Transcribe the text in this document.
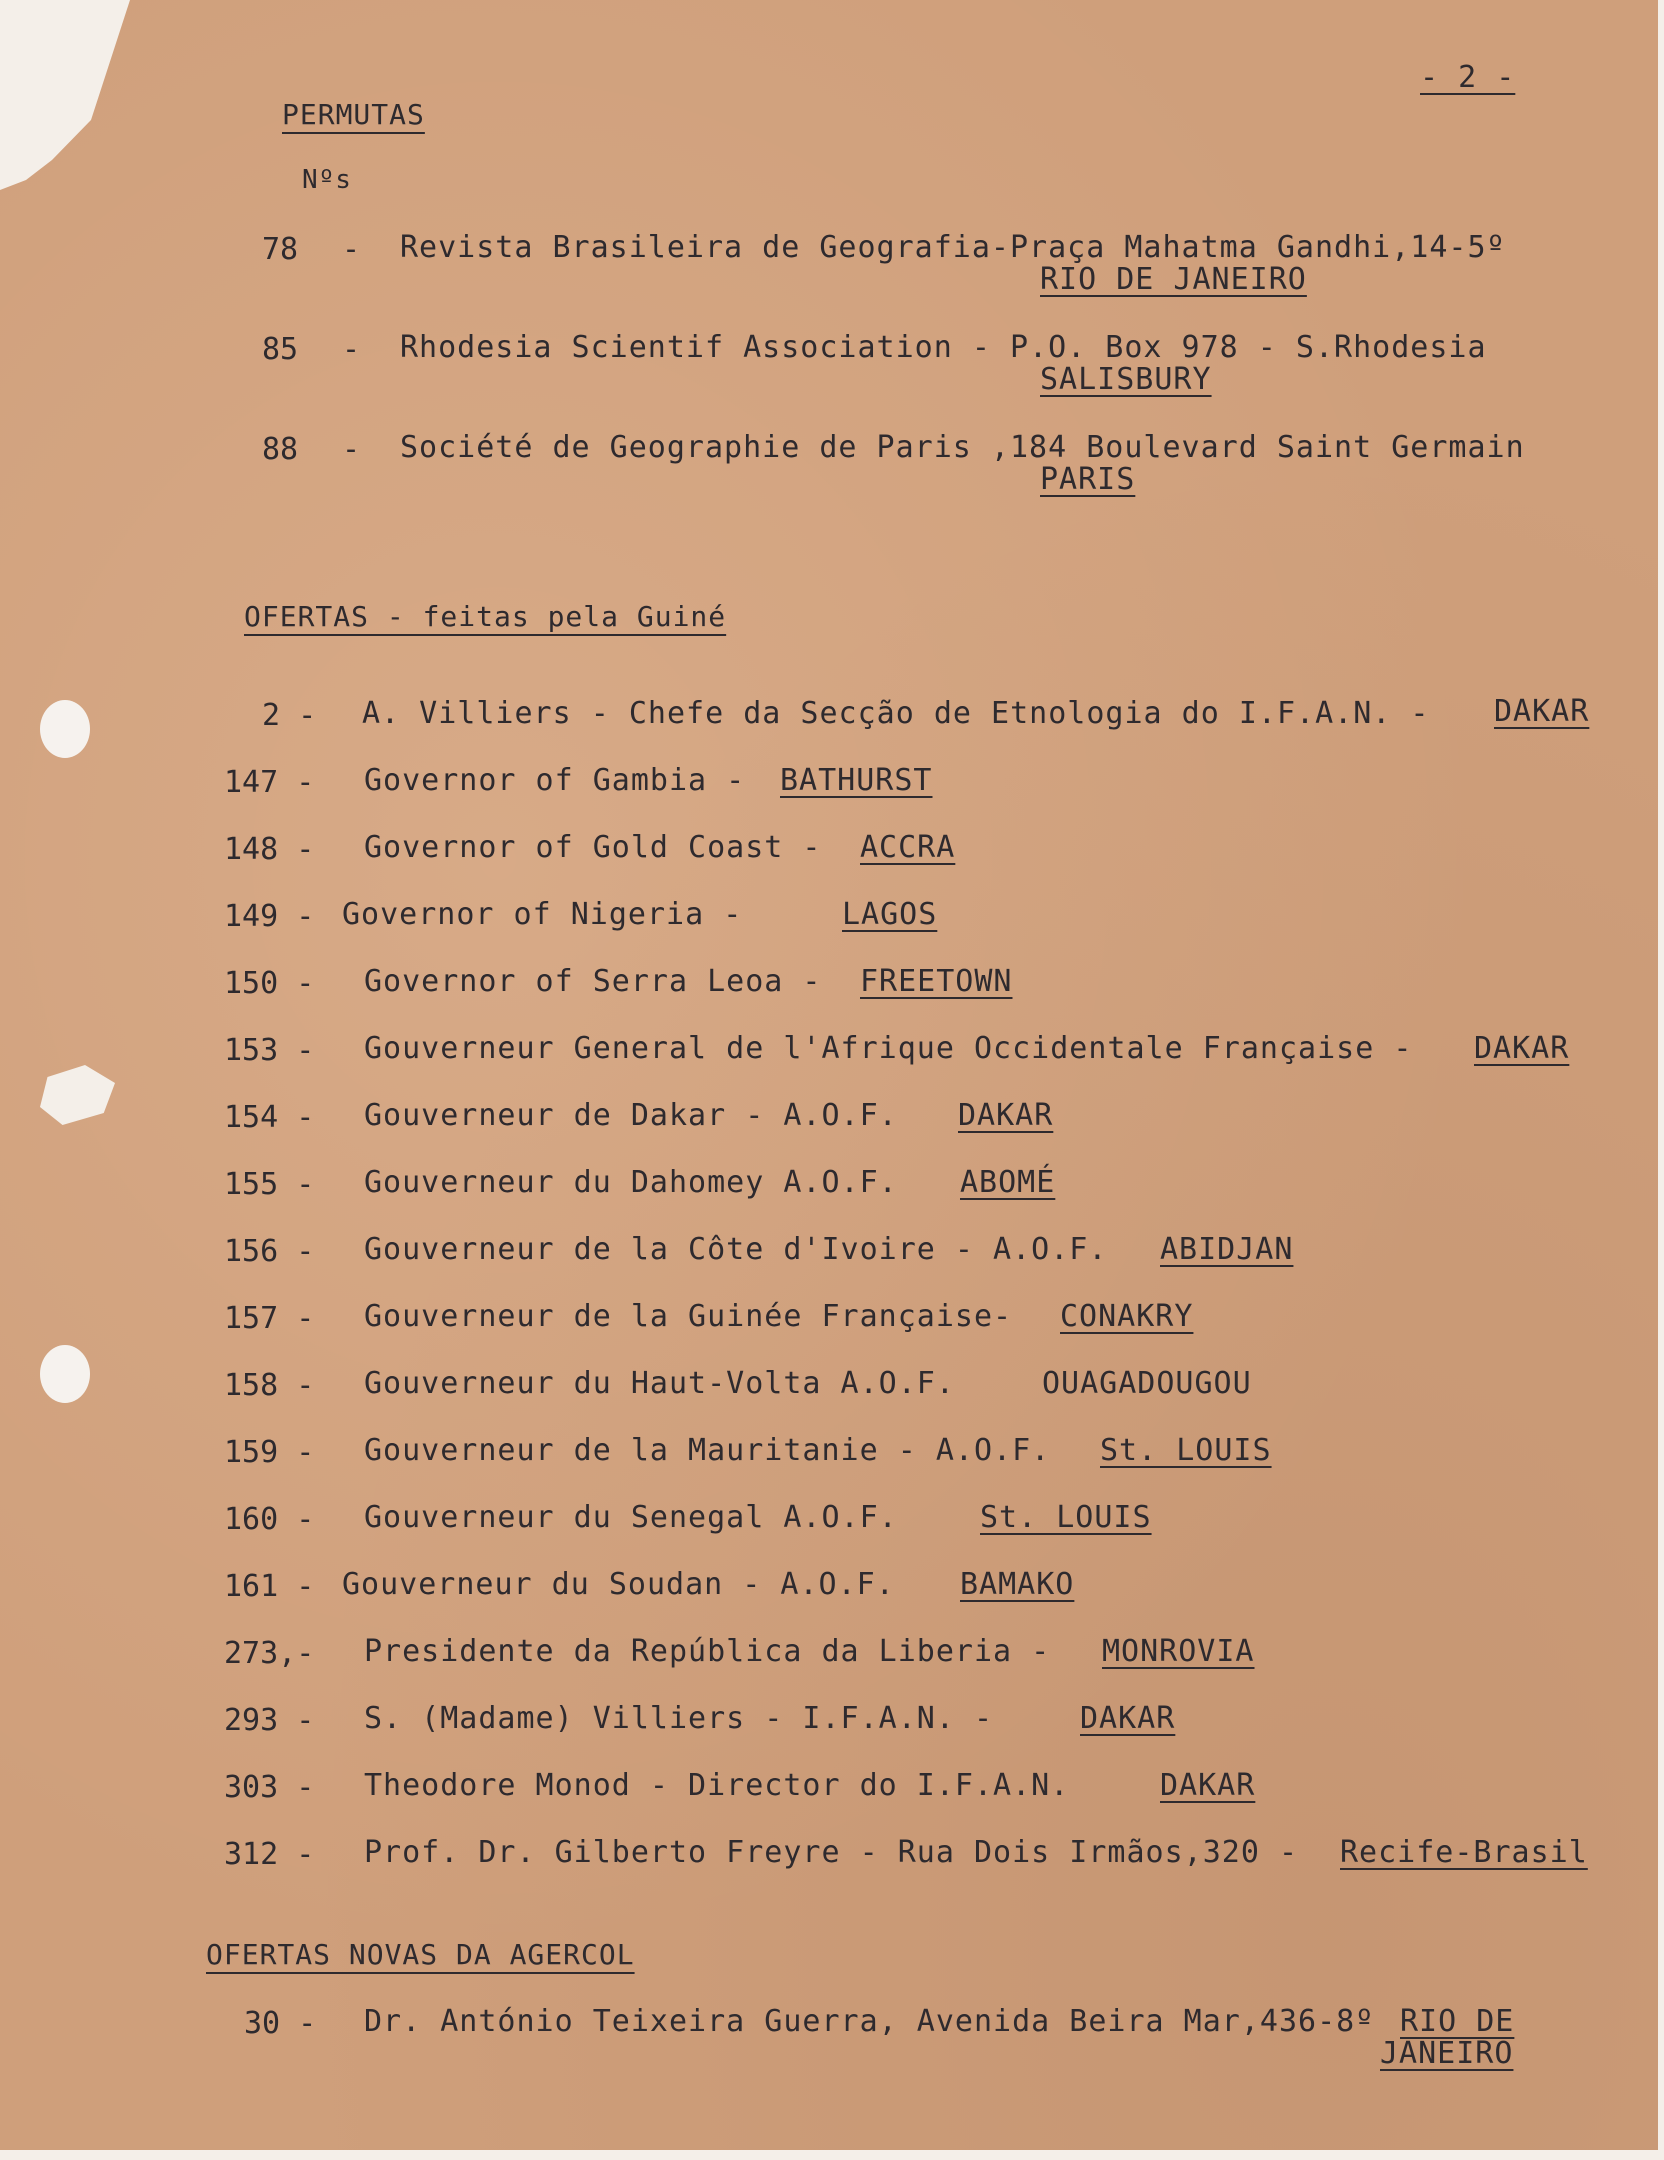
- 2 -
PERMUTAS
Nºs
78 - Revista Brasileira de Geografia-Praça Mahatma Gandhi,14-5º
RIO DE JANEIRO
85 - Rhodesia Scientif Association - P.O. Box 978 - S.Rhodesia
SALISBURY
88 - Société de Geographie de Paris ,184 Boulevard Saint Germain
PARIS
OFERTAS - feitas pela Guiné
2 - A. Villiers - Chefe da Secção de Etnologia do I.F.A.N. - DAKAR
147 - Governor of Gambia - BATHURST
148 - Governor of Gold Coast - ACCRA
149 - Governor of Nigeria -	LAGOS
150 - Governor of Serra Leoa - FREETOWN
153 - Gouverneur General de l'Afrique Occidentale Française - DAKAR
154 - Gouverneur de Dakar - A.O.F. DAKAR
155 - Gouverneur du Dahomey A.O.F. ABOMÉ
156 - Gouverneur de la Côte d'Ivoire - A.O.F. ABIDJAN
157 - Gouverneur de la Guinée Française- CONAKRY
158 - Gouverneur du Haut-Volta A.O.F.	OUAGADOUGOU
159 - Gouverneur de la Mauritanie - A.O.F. St. LOUIS
160 - Gouverneur du Senegal A.O.F.	St. LOUIS
161 - Gouverneur du Soudan - A.O.F. BAMAKO
273,- Presidente da República da Liberia - MONROVIA
293 - S. (Madame) Villiers - I.F.A.N. -	DAKAR
303 - Theodore Monod - Director do I.F.A.N.	DAKAR
312 - Prof. Dr. Gilberto Freyre - Rua Dois Irmãos,320 - Recife-Brasil
OFERTAS NOVAS DA AGERCOL
30 - Dr. António Teixeira Guerra, Avenida Beira Mar,436-8º RIO DE
JANEIRO
